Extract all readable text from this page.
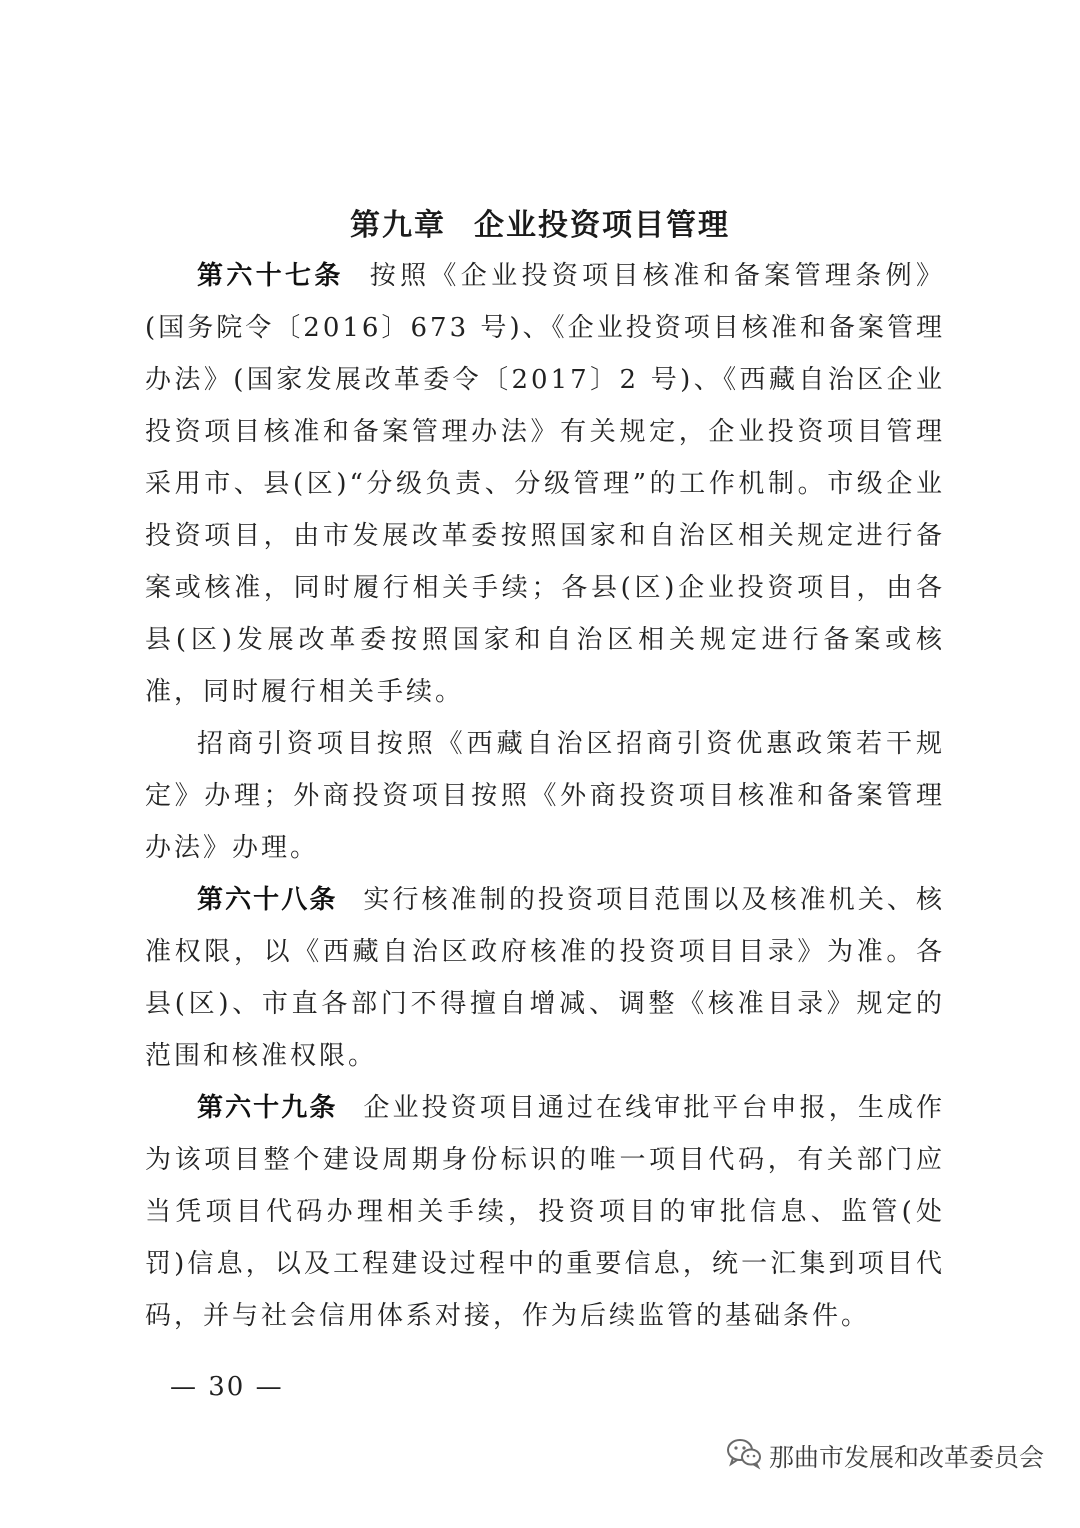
第九章 企业投资项目管理

第六十七条 按照《企业投资项目核准和备案管理条例》(国务院令〔2016〕673 号)、《企业投资项目核准和备案管理办法》(国家发展改革委令〔2017〕2 号)、《西藏自治区企业投资项目核准和备案管理办法》有关规定，企业投资项目管理采用市、县(区)“分级负责、分级管理”的工作机制。市级企业投资项目，由市发展改革委按照国家和自治区相关规定进行备案或核准，同时履行相关手续；各县(区)企业投资项目，由各县(区)发展改革委按照国家和自治区相关规定进行备案或核准，同时履行相关手续。

招商引资项目按照《西藏自治区招商引资优惠政策若干规定》办理；外商投资项目按照《外商投资项目核准和备案管理办法》办理。

第六十八条 实行核准制的投资项目范围以及核准机关、核准权限，以《西藏自治区政府核准的投资项目目录》为准。各县(区)、市直各部门不得擅自增减、调整《核准目录》规定的范围和核准权限。

第六十九条 企业投资项目通过在线审批平台申报，生成作为该项目整个建设周期身份标识的唯一项目代码，有关部门应当凭项目代码办理相关手续，投资项目的审批信息、监管(处罚)信息，以及工程建设过程中的重要信息，统一汇集到项目代码，并与社会信用体系对接，作为后续监管的基础条件。

— 30 —
那曲市发展和改革委员会
